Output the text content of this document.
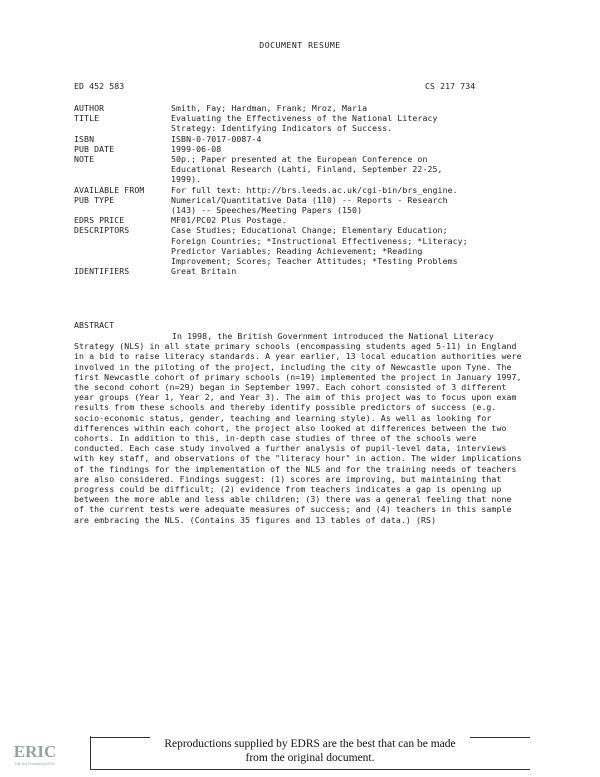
DOCUMENT RESUME
ED 452 583	CS 217 734
AUTHOR	Smith, Fay; Hardman, Frank; Mroz, Maria
TITLE	Evaluating the Effectiveness of the National Literacy
Strategy: Identifying Indicators of Success.
ISBN	ISBN-0-7017-0087-4
PUB DATE	1999-06-08
NOTE	50p.; Paper presented at the European Conference on
Educational Research (Lahti, Finland, September 22-25,
1999).
AVAILABLE FROM	For full text: http://brs.leeds.ac.uk/cgi-bin/brs_engine.
PUB TYPE	Numerical/Quantitative Data (110) -- Reports - Research
(143) -- Speeches/Meeting Papers (150)
EDRS PRICE	MF01/PC02 Plus Postage.
DESCRIPTORS	Case Studies; Educational Change; Elementary Education;
Foreign Countries; *Instructional Effectiveness; *Literacy;
Predictor Variables; Reading Achievement; *Reading
Improvement; Scores; Teacher Attitudes; *Testing Problems
IDENTIFIERS	Great Britain
ABSTRACT
In 1998, the British Government introduced the National Literacy Strategy (NLS) in all state primary schools (encompassing students aged 5-11) in England in a bid to raise literacy standards. A year earlier, 13 local education authorities were involved in the piloting of the project, including the city of Newcastle upon Tyne. The first Newcastle cohort of primary schools (n=19) implemented the project in January 1997, the second cohort (n=29) began in September 1997. Each cohort consisted of 3 different year groups (Year 1, Year 2, and Year 3). The aim of this project was to focus upon exam results from these schools and thereby identify possible predictors of success (e.g. socio-economic status, gender, teaching and learning style). As well as looking for differences within each cohort, the project also looked at differences between the two cohorts. In addition to this, in-depth case studies of three of the schools were conducted. Each case study involved a further analysis of pupil-level data, interviews with key staff, and observations of the "literacy hour" in action. The wider implications of the findings for the implementation of the NLS and for the training needs of teachers are also considered. Findings suggest: (1) scores are improving, but maintaining that progress could be difficult; (2) evidence from teachers indicates a gap is opening up between the more able and less able children; (3) there was a general feeling that none of the current tests were adequate measures of success; and (4) teachers in this sample are embracing the NLS. (Contains 35 figures and 13 tables of data.) (RS)
ERIC
Full Text Provided by ERIC
Reproductions supplied by EDRS are the best that can be made
from the original document.
